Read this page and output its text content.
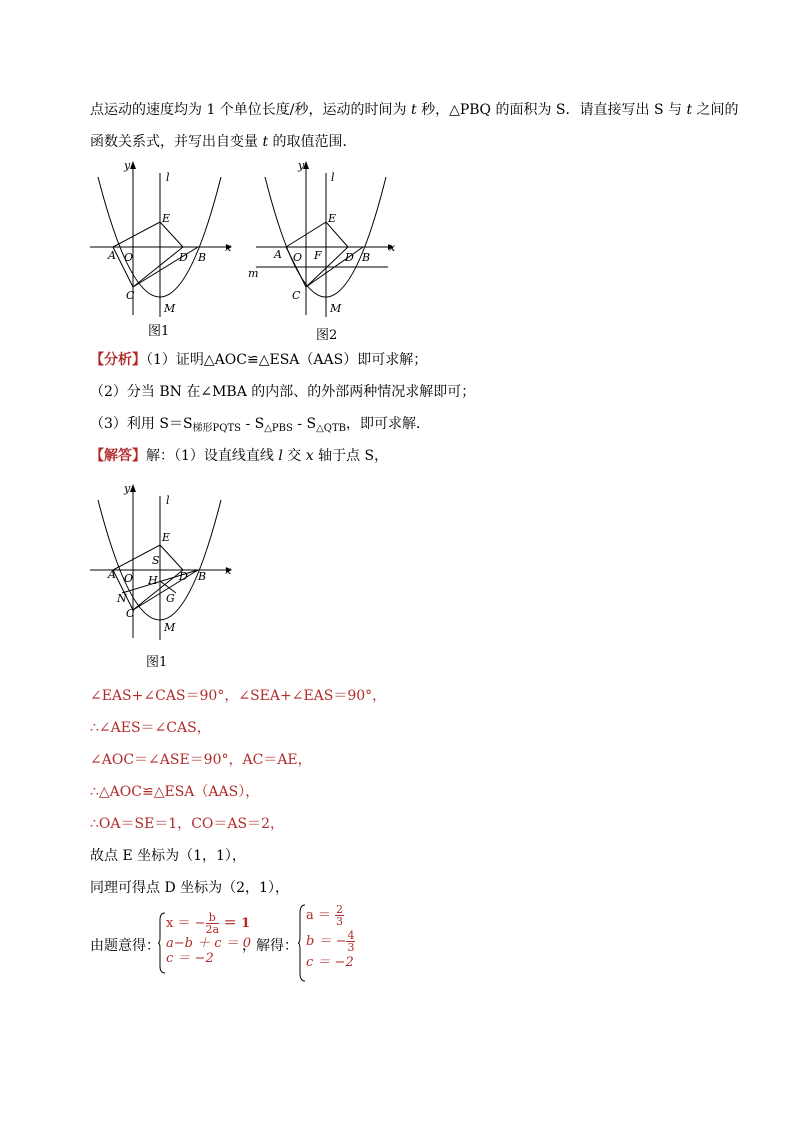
点运动的速度均为 1 个单位长度/秒，运动的时间为 t 秒，△PBQ 的面积为 S．请直接写出 S 与 t 之间的
函数关系式，并写出自变量 t 的取值范围．
y
l
x
E
A O	D B
C
M
图1
y
l
x
E
A O F D B
m
C
M
图2
【分析】（1）证明△AOC≌△ESA（AAS）即可求解；
（2）分当 BN 在∠MBA 的内部、的外部两种情况求解即可；
（3）利用 $S=S_{梯形PQTS} - S_{\triangle PBS} - S_{\triangle QTB}$，即可求解．
【解答】解：（1）设直线直线 l 交 x 轴于点 S，
y
l
x
E
S
A O H D B
N	G
C
M
图1
∠EAS+∠CAS＝90°，∠SEA+∠EAS＝90°，
∴∠AES＝∠CAS，
∠AOC＝∠ASE＝90°，AC＝AE，
∴△AOC≌△ESA（AAS），
∴OA＝SE＝1，CO＝AS＝2，
故点 E 坐标为（1，1），
同理可得点 D 坐标为（2，1），
由题意得：
x ＝ − $\frac{b}{2a} = 1$
a−b ＋ c ＝ 0
c ＝ −2
，解得：
$a = \frac{2}{3}$
b ＝ − $\frac{4}{3}$
c ＝ −2
